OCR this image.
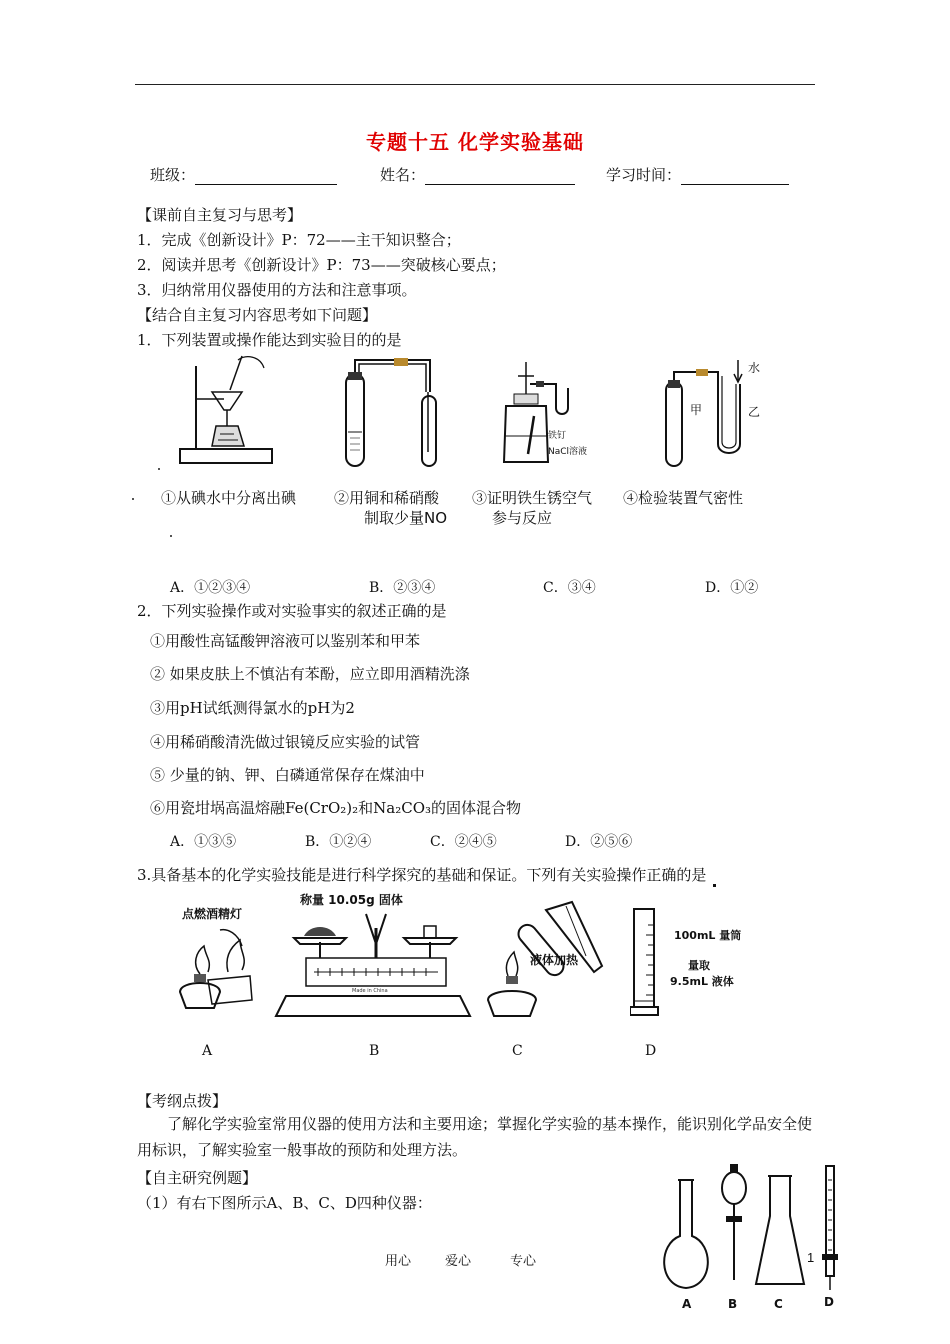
专题十五 化学实验基础
班级：	姓名：	学习时间：
【课前自主复习与思考】
1．完成《创新设计》P：72——主干知识整合；
2．阅读并思考《创新设计》P：73——突破核心要点；
3．归纳常用仪器使用的方法和注意事项。
【结合自主复习内容思考如下问题】
1．下列装置或操作能达到实验目的的是
铁钉
NaCl溶液
水
甲	乙
①从碘水中分离出碘	②用铜和稀硝酸
制取少量NO
③证明铁生锈空气
参与反应
④检验装置气密性
A．①②③④	B．②③④	C．③④	D．①②
2．下列实验操作或对实验事实的叙述正确的是
①用酸性高锰酸钾溶液可以鉴别苯和甲苯
② 如果皮肤上不慎沾有苯酚，应立即用酒精洗涤
③用pH试纸测得氯水的pH为2
④用稀硝酸清洗做过银镜反应实验的试管
⑤ 少量的钠、钾、白磷通常保存在煤油中
⑥用瓷坩埚高温熔融Fe(CrO₂)₂和Na₂CO₃的固体混合物
A．①③⑤	B．①②④	C．②④⑤	D．②⑤⑥
3.具备基本的化学实验技能是进行科学探究的基础和保证。下列有关实验操作正确的是
点燃酒精灯
称量 10.05g 固体
Made in China
液体加热
100mL 量筒
量取
9.5mL 液体
A	B	C	D
【考纲点拨】
了解化学实验室常用仪器的使用方法和主要用途；掌握化学实验的基本操作，能识别化学品安全使用标识，了解实验室一般事故的预防和处理方法。
【自主研究例题】
（1）有右下图所示A、B、C、D四种仪器：
A	B	C	D
用心	爱心	专心	1
